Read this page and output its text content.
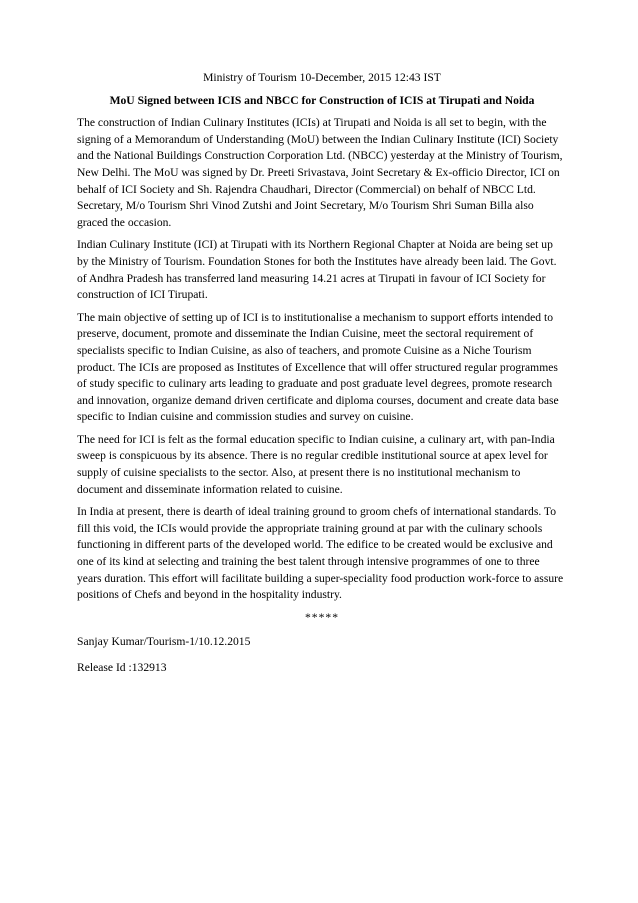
Ministry of Tourism 10-December, 2015 12:43 IST

MoU Signed between ICIS and NBCC for Construction of ICIS at Tirupati and Noida

The construction of Indian Culinary Institutes (ICIs) at Tirupati and Noida is all set to begin, with the signing of a Memorandum of Understanding (MoU) between the Indian Culinary Institute (ICI) Society and the National Buildings Construction Corporation Ltd. (NBCC) yesterday at the Ministry of Tourism, New Delhi. The MoU was signed by Dr. Preeti Srivastava, Joint Secretary & Ex-officio Director, ICI on behalf of ICI Society and Sh. Rajendra Chaudhari, Director (Commercial) on behalf of NBCC Ltd. Secretary, M/o Tourism Shri Vinod Zutshi and Joint Secretary, M/o Tourism Shri Suman Billa also graced the occasion.

Indian Culinary Institute (ICI) at Tirupati with its Northern Regional Chapter at Noida are being set up by the Ministry of Tourism. Foundation Stones for both the Institutes have already been laid. The Govt. of Andhra Pradesh has transferred land measuring 14.21 acres at Tirupati in favour of ICI Society for construction of ICI Tirupati.

The main objective of setting up of ICI is to institutionalise a mechanism to support efforts intended to preserve, document, promote and disseminate the Indian Cuisine, meet the sectoral requirement of specialists specific to Indian Cuisine, as also of teachers, and promote Cuisine as a Niche Tourism product. The ICIs are proposed as Institutes of Excellence that will offer structured regular programmes of study specific to culinary arts leading to graduate and post graduate level degrees, promote research and innovation, organize demand driven certificate and diploma courses, document and create data base specific to Indian cuisine and commission studies and survey on cuisine.

The need for ICI is felt as the formal education specific to Indian cuisine, a culinary art, with pan-India sweep is conspicuous by its absence. There is no regular credible institutional source at apex level for supply of cuisine specialists to the sector. Also, at present there is no institutional mechanism to document and disseminate information related to cuisine.

In India at present, there is dearth of ideal training ground to groom chefs of international standards. To fill this void, the ICIs would provide the appropriate training ground at par with the culinary schools functioning in different parts of the developed world. The edifice to be created would be exclusive and one of its kind at selecting and training the best talent through intensive programmes of one to three years duration. This effort will facilitate building a super-speciality food production work-force to assure positions of Chefs and beyond in the hospitality industry.

*****

Sanjay Kumar/Tourism-1/10.12.2015

Release Id :132913
